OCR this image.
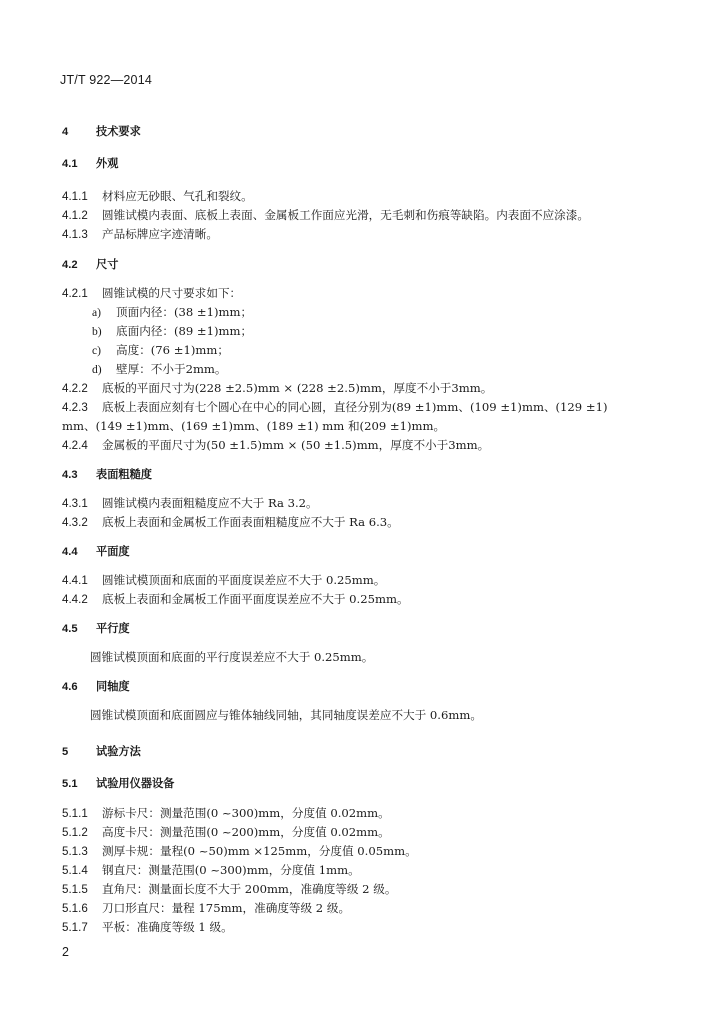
JT/T 922—2014
4 技术要求
4.1 外观
4.1.1 材料应无砂眼、气孔和裂纹。
4.1.2 圆锥试模内表面、底板上表面、金属板工作面应光滑，无毛刺和伤痕等缺陷。内表面不应涂漆。
4.1.3 产品标牌应字迹清晰。
4.2 尺寸
4.2.1 圆锥试模的尺寸要求如下：
a) 顶面内径：(38 ±1)mm；
b) 底面内径：(89 ±1)mm；
c) 高度：(76 ±1)mm；
d) 壁厚：不小于2mm。
4.2.2 底板的平面尺寸为(228 ±2.5)mm × (228 ±2.5)mm，厚度不小于3mm。
4.2.3 底板上表面应刻有七个圆心在中心的同心圆，直径分别为(89 ±1)mm、(109 ±1)mm、(129 ±1)
mm、(149 ±1)mm、(169 ±1)mm、(189 ±1) mm 和(209 ±1)mm。
4.2.4 金属板的平面尺寸为(50 ±1.5)mm × (50 ±1.5)mm，厚度不小于3mm。
4.3 表面粗糙度
4.3.1 圆锥试模内表面粗糙度应不大于 Ra 3.2。
4.3.2 底板上表面和金属板工作面表面粗糙度应不大于 Ra 6.3。
4.4 平面度
4.4.1 圆锥试模顶面和底面的平面度误差应不大于 0.25mm。
4.4.2 底板上表面和金属板工作面平面度误差应不大于 0.25mm。
4.5 平行度
圆锥试模顶面和底面的平行度误差应不大于 0.25mm。
4.6 同轴度
圆锥试模顶面和底面圆应与锥体轴线同轴，其同轴度误差应不大于 0.6mm。
5 试验方法
5.1 试验用仪器设备
5.1.1 游标卡尺：测量范围(0 ~300)mm，分度值 0.02mm。
5.1.2 高度卡尺：测量范围(0 ~200)mm，分度值 0.02mm。
5.1.3 测厚卡规：量程(0 ~50)mm ×125mm，分度值 0.05mm。
5.1.4 钢直尺：测量范围(0 ~300)mm，分度值 1mm。
5.1.5 直角尺：测量面长度不大于 200mm，准确度等级 2 级。
5.1.6 刀口形直尺：量程 175mm，准确度等级 2 级。
5.1.7 平板：准确度等级 1 级。
2
